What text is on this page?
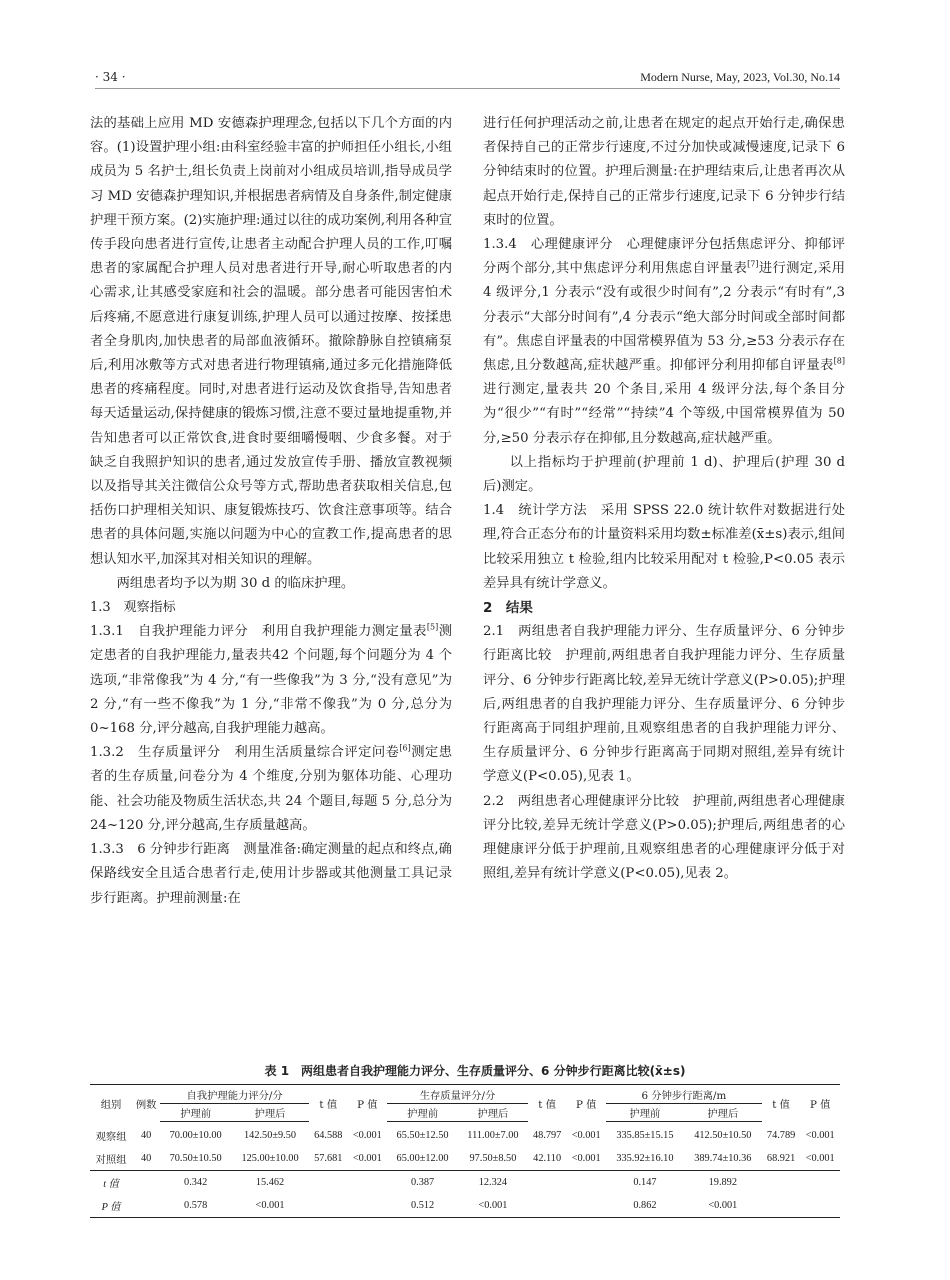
· 34 ·	Modern Nurse, May, 2023, Vol.30, No.14

法的基础上应用 MD 安德森护理理念,包括以下几个方面的内容。(1)设置护理小组:由科室经验丰富的护师担任小组长,小组成员为 5 名护士,组长负责上岗前对小组成员培训,指导成员学习 MD 安德森护理知识,并根据患者病情及自身条件,制定健康护理干预方案。(2)实施护理:通过以往的成功案例,利用各种宣传手段向患者进行宣传,让患者主动配合护理人员的工作,叮嘱患者的家属配合护理人员对患者进行开导,耐心听取患者的内心需求,让其感受家庭和社会的温暖。部分患者可能因害怕术后疼痛,不愿意进行康复训练,护理人员可以通过按摩、按揉患者全身肌肉,加快患者的局部血液循环。撤除静脉自控镇痛泵后,利用冰敷等方式对患者进行物理镇痛,通过多元化措施降低患者的疼痛程度。同时,对患者进行运动及饮食指导,告知患者每天适量运动,保持健康的锻炼习惯,注意不要过量地提重物,并告知患者可以正常饮食,进食时要细嚼慢咽、少食多餐。对于缺乏自我照护知识的患者,通过发放宣传手册、播放宣教视频以及指导其关注微信公众号等方式,帮助患者获取相关信息,包括伤口护理相关知识、康复锻炼技巧、饮食注意事项等。结合患者的具体问题,实施以问题为中心的宣教工作,提高患者的思想认知水平,加深其对相关知识的理解。

两组患者均予以为期 30 d 的临床护理。

1.3　观察指标

1.3.1　自我护理能力评分　利用自我护理能力测定量表[5]测定患者的自我护理能力,量表共42 个问题,每个问题分为 4 个选项,“非常像我”为 4 分,“有一些像我”为 3 分,“没有意见”为 2 分,“有一些不像我”为 1 分,“非常不像我”为 0 分,总分为 0~168 分,评分越高,自我护理能力越高。

1.3.2　生存质量评分　利用生活质量综合评定问卷[6]测定患者的生存质量,问卷分为 4 个维度,分别为躯体功能、心理功能、社会功能及物质生活状态,共 24 个题目,每题 5 分,总分为 24~120 分,评分越高,生存质量越高。

1.3.3　6 分钟步行距离　测量准备:确定测量的起点和终点,确保路线安全且适合患者行走,使用计步器或其他测量工具记录步行距离。护理前测量:在

进行任何护理活动之前,让患者在规定的起点开始行走,确保患者保持自己的正常步行速度,不过分加快或减慢速度,记录下 6 分钟结束时的位置。护理后测量:在护理结束后,让患者再次从起点开始行走,保持自己的正常步行速度,记录下 6 分钟步行结束时的位置。

1.3.4　心理健康评分　心理健康评分包括焦虑评分、抑郁评分两个部分,其中焦虑评分利用焦虑自评量表[7]进行测定,采用 4 级评分,1 分表示“没有或很少时间有”,2 分表示“有时有”,3 分表示“大部分时间有”,4 分表示“绝大部分时间或全部时间都有”。焦虑自评量表的中国常模界值为 53 分,≥53 分表示存在焦虑,且分数越高,症状越严重。抑郁评分利用抑郁自评量表[8]进行测定,量表共 20 个条目,采用 4 级评分法,每个条目分为“很少”“有时”“经常”“持续”4 个等级,中国常模界值为 50 分,≥50 分表示存在抑郁,且分数越高,症状越严重。

以上指标均于护理前(护理前 1 d)、护理后(护理 30 d 后)测定。

1.4　统计学方法　采用 SPSS 22.0 统计软件对数据进行处理,符合正态分布的计量资料采用均数±标准差(x̄±s)表示,组间比较采用独立 t 检验,组内比较采用配对 t 检验,P<0.05 表示差异具有统计学意义。

2　结果

2.1　两组患者自我护理能力评分、生存质量评分、6 分钟步行距离比较　护理前,两组患者自我护理能力评分、生存质量评分、6 分钟步行距离比较,差异无统计学意义(P>0.05);护理后,两组患者的自我护理能力评分、生存质量评分、6 分钟步行距离高于同组护理前,且观察组患者的自我护理能力评分、生存质量评分、6 分钟步行距离高于同期对照组,差异有统计学意义(P<0.05),见表 1。

2.2　两组患者心理健康评分比较　护理前,两组患者心理健康评分比较,差异无统计学意义(P>0.05);护理后,两组患者的心理健康评分低于护理前,且观察组患者的心理健康评分低于对照组,差异有统计学意义(P<0.05),见表 2。

表 1　两组患者自我护理能力评分、生存质量评分、6 分钟步行距离比较(x̄±s)
组别	例数	自我护理能力评分/分		t 值	P 值	生存质量评分/分		t 值	P 值	6 分钟步行距离/m		t 值	P 值
		护理前	护理后			护理前	护理后			护理前	护理后		
观察组	40	70.00±10.00	142.50±9.50	64.588	<0.001	65.50±12.50	111.00±7.00	48.797	<0.001	335.85±15.15	412.50±10.50	74.789	<0.001
对照组	40	70.50±10.50	125.00±10.00	57.681	<0.001	65.00±12.00	97.50±8.50	42.110	<0.001	335.92±16.10	389.74±10.36	68.921	<0.001
t 值		0.342	15.462			0.387	12.324			0.147	19.892		
P 值		0.578	<0.001			0.512	<0.001			0.862	<0.001		
